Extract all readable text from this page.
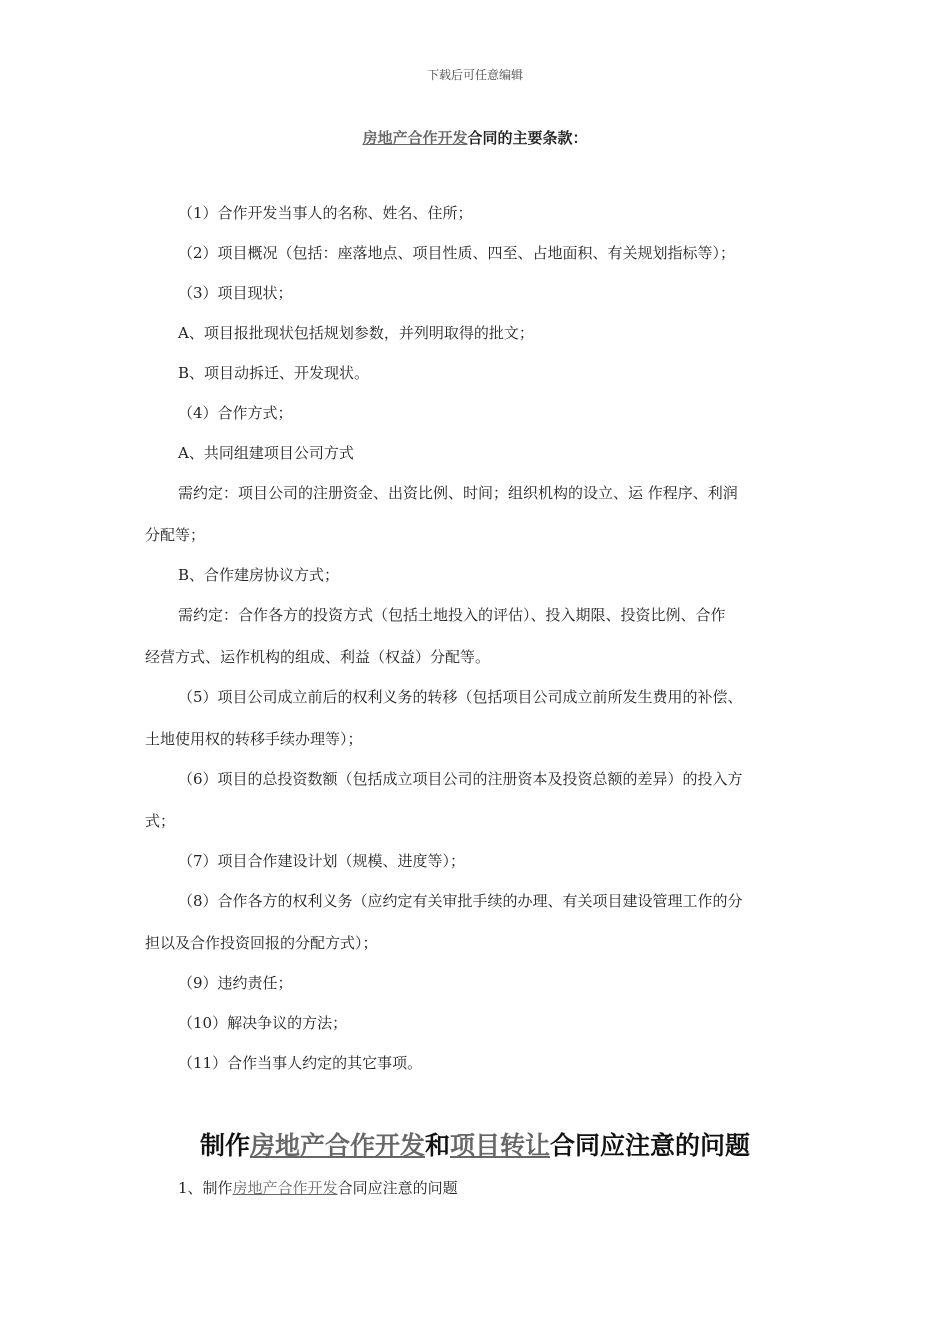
下载后可任意编辑
房地产合作开发合同的主要条款：
（1）合作开发当事人的名称、姓名、住所；
（2）项目概况（包括：座落地点、项目性质、四至、占地面积、有关规划指标等）；
（3）项目现状；
A、项目报批现状包括规划参数，并列明取得的批文；
B、项目动拆迁、开发现状。
（4）合作方式；
A、共同组建项目公司方式
需约定：项目公司的注册资金、出资比例、时间；组织机构的设立、运 作程序、利润
分配等；
B、合作建房协议方式；
需约定：合作各方的投资方式（包括土地投入的评估）、投入期限、投资比例、合作
经营方式、运作机构的组成、利益（权益）分配等。
（5）项目公司成立前后的权利义务的转移（包括项目公司成立前所发生费用的补偿、
土地使用权的转移手续办理等）；
（6）项目的总投资数额（包括成立项目公司的注册资本及投资总额的差异）的投入方
式；
（7）项目合作建设计划（规模、进度等）；
（8）合作各方的权利义务（应约定有关审批手续的办理、有关项目建设管理工作的分
担以及合作投资回报的分配方式）；
（9）违约责任；
（10）解决争议的方法；
（11）合作当事人约定的其它事项。
制作房地产合作开发和项目转让合同应注意的问题
1、制作房地产合作开发合同应注意的问题
